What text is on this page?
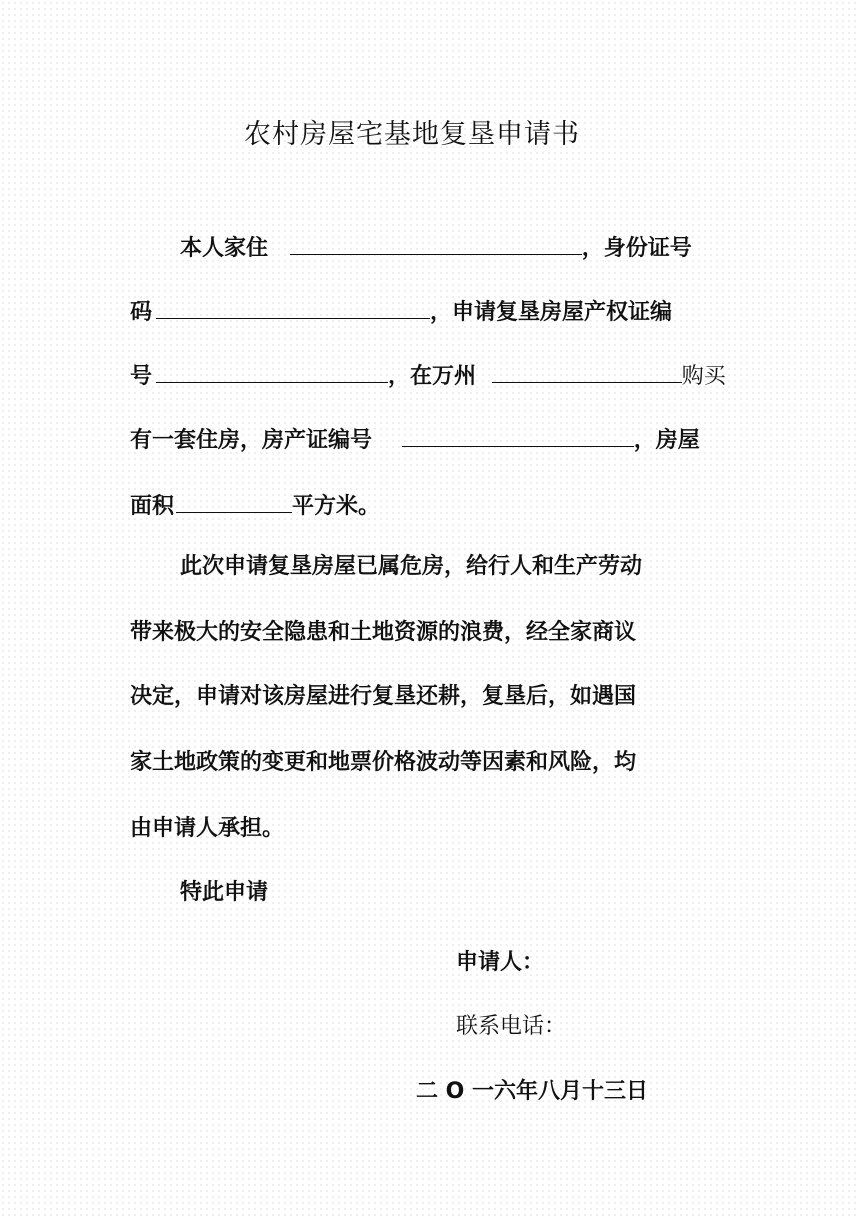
农村房屋宅基地复垦申请书
本人家住	，身份证号
码	，申请复垦房屋产权证编
号	，在万州	购买
有一套住房，房产证编号	，房屋
面积	平方米。
此次申请复垦房屋已属危房，给行人和生产劳动
带来极大的安全隐患和土地资源的浪费，经全家商议
决定，申请对该房屋进行复垦还耕，复垦后，如遇国
家土地政策的变更和地票价格波动等因素和风险，均
由申请人承担。
特此申请
申请人：
联系电话：
二 O 一六年八月十三日
